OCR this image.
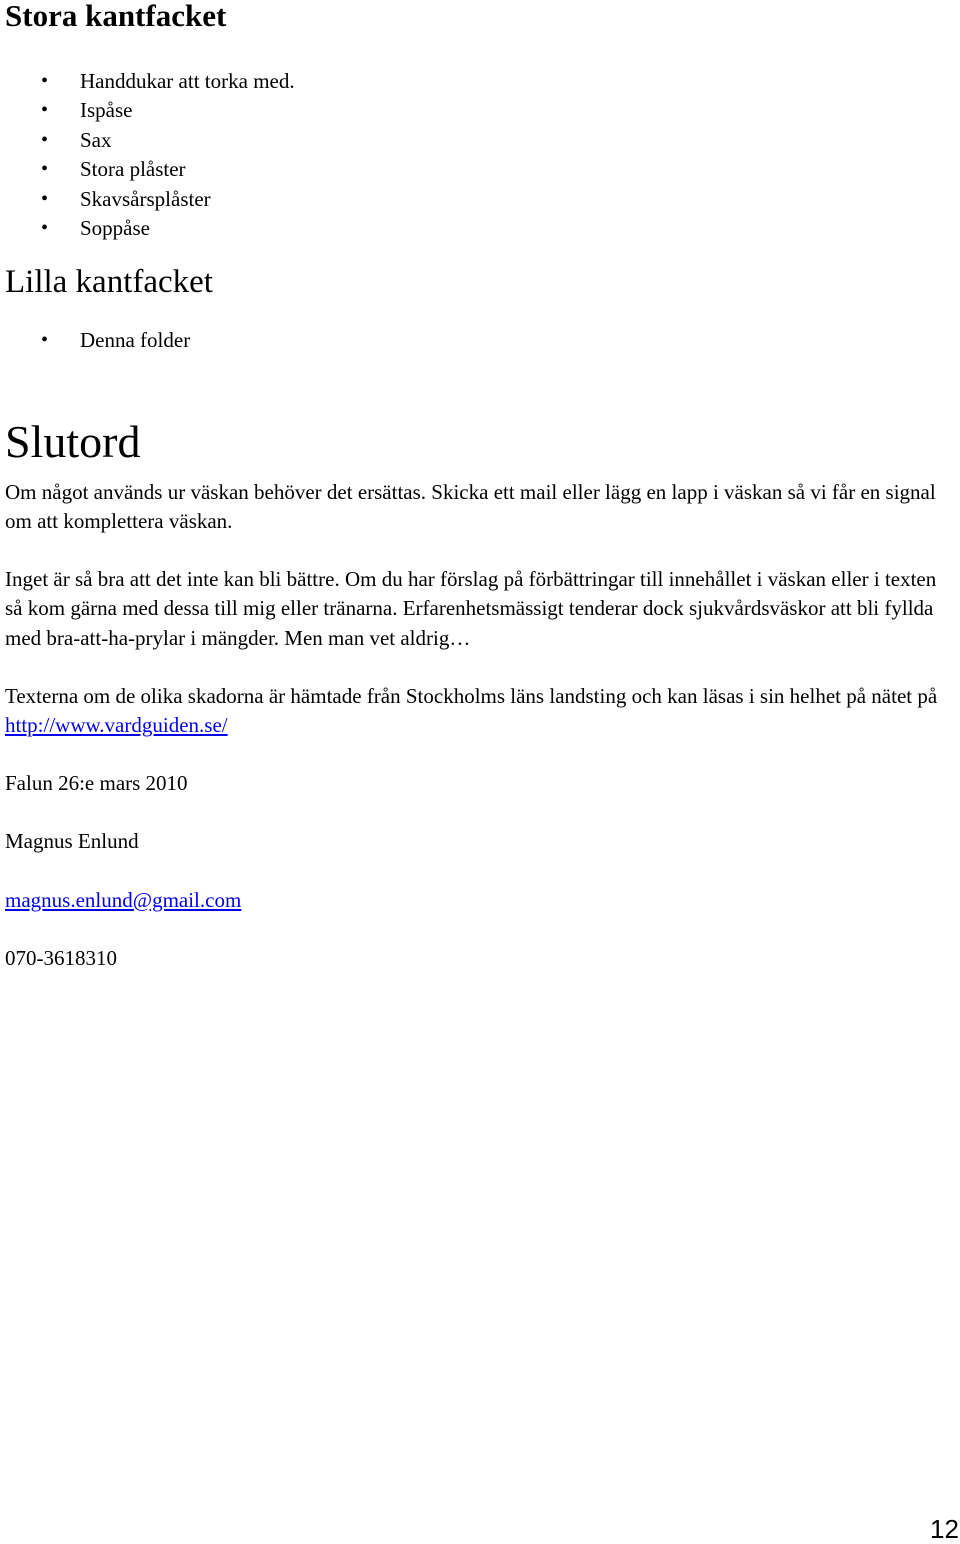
Stora kantfacket
• Handdukar att torka med.
• Ispåse
• Sax
• Stora plåster
• Skavsårsplåster
• Soppåse
Lilla kantfacket
• Denna folder
Slutord

Om något används ur väskan behöver det ersättas. Skicka ett mail eller lägg en lapp i väskan så vi får en signal om att komplettera väskan.

Inget är så bra att det inte kan bli bättre. Om du har förslag på förbättringar till innehållet i väskan eller i texten så kom gärna med dessa till mig eller tränarna. Erfarenhetsmässigt tenderar dock sjukvårdsväskor att bli fyllda med bra-att-ha-prylar i mängder. Men man vet aldrig…

Texterna om de olika skadorna är hämtade från Stockholms läns landsting och kan läsas i sin helhet på nätet på http://www.vardguiden.se/

Falun 26:e mars 2010

Magnus Enlund

magnus.enlund@gmail.com

070-3618310

12
